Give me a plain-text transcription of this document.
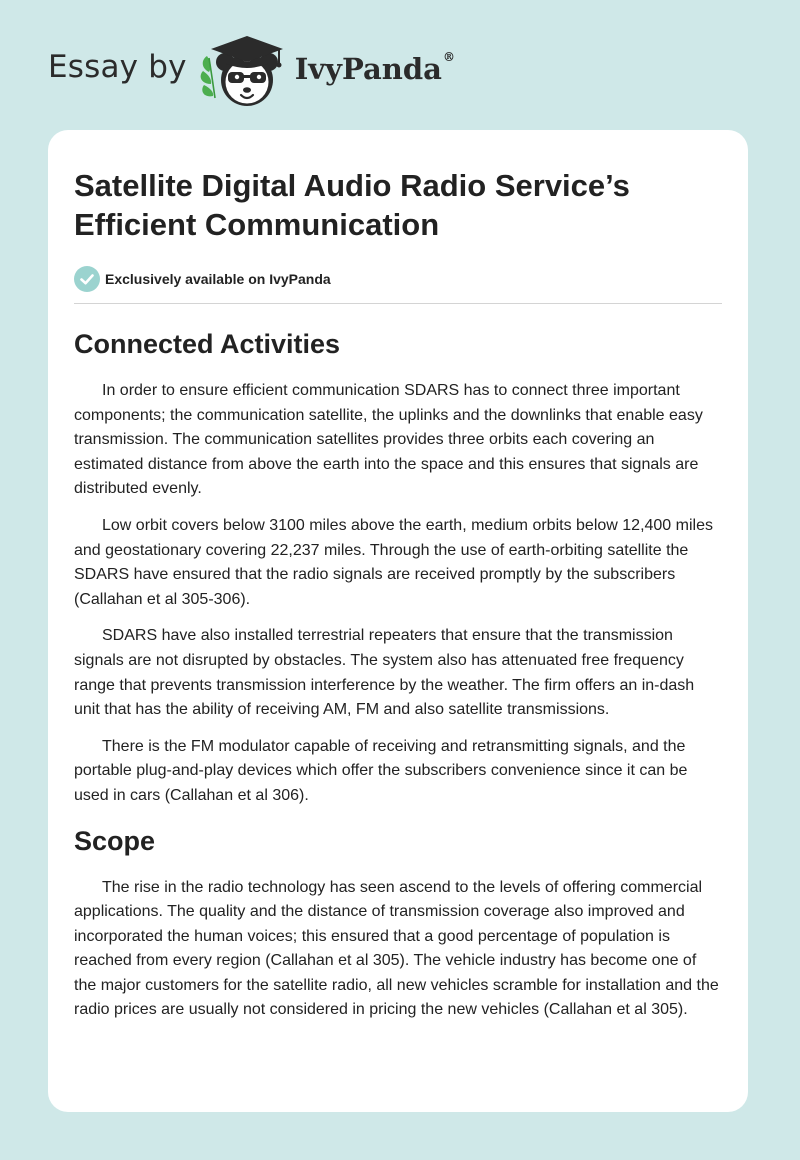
Essay by	IvyPanda®
Satellite Digital Audio Radio Service’s Efficient Communication
Exclusively available on IvyPanda
Connected Activities

In order to ensure efficient communication SDARS has to connect three important components; the communication satellite, the uplinks and the downlinks that enable easy transmission. The communication satellites provides three orbits each covering an estimated distance from above the earth into the space and this ensures that signals are distributed evenly.

Low orbit covers below 3100 miles above the earth, medium orbits below 12,400 miles and geostationary covering 22,237 miles. Through the use of earth-orbiting satellite the SDARS have ensured that the radio signals are received promptly by the subscribers (Callahan et al 305-306).

SDARS have also installed terrestrial repeaters that ensure that the transmission signals are not disrupted by obstacles. The system also has attenuated free frequency range that prevents transmission interference by the weather. The firm offers an in-dash unit that has the ability of receiving AM, FM and also satellite transmissions.

There is the FM modulator capable of receiving and retransmitting signals, and the portable plug-and-play devices which offer the subscribers convenience since it can be used in cars (Callahan et al 306).

Scope

The rise in the radio technology has seen ascend to the levels of offering commercial applications. The quality and the distance of transmission coverage also improved and incorporated the human voices; this ensured that a good percentage of population is reached from every region (Callahan et al 305). The vehicle industry has become one of the major customers for the satellite radio, all new vehicles scramble for installation and the radio prices are usually not considered in pricing the new vehicles (Callahan et al 305).
